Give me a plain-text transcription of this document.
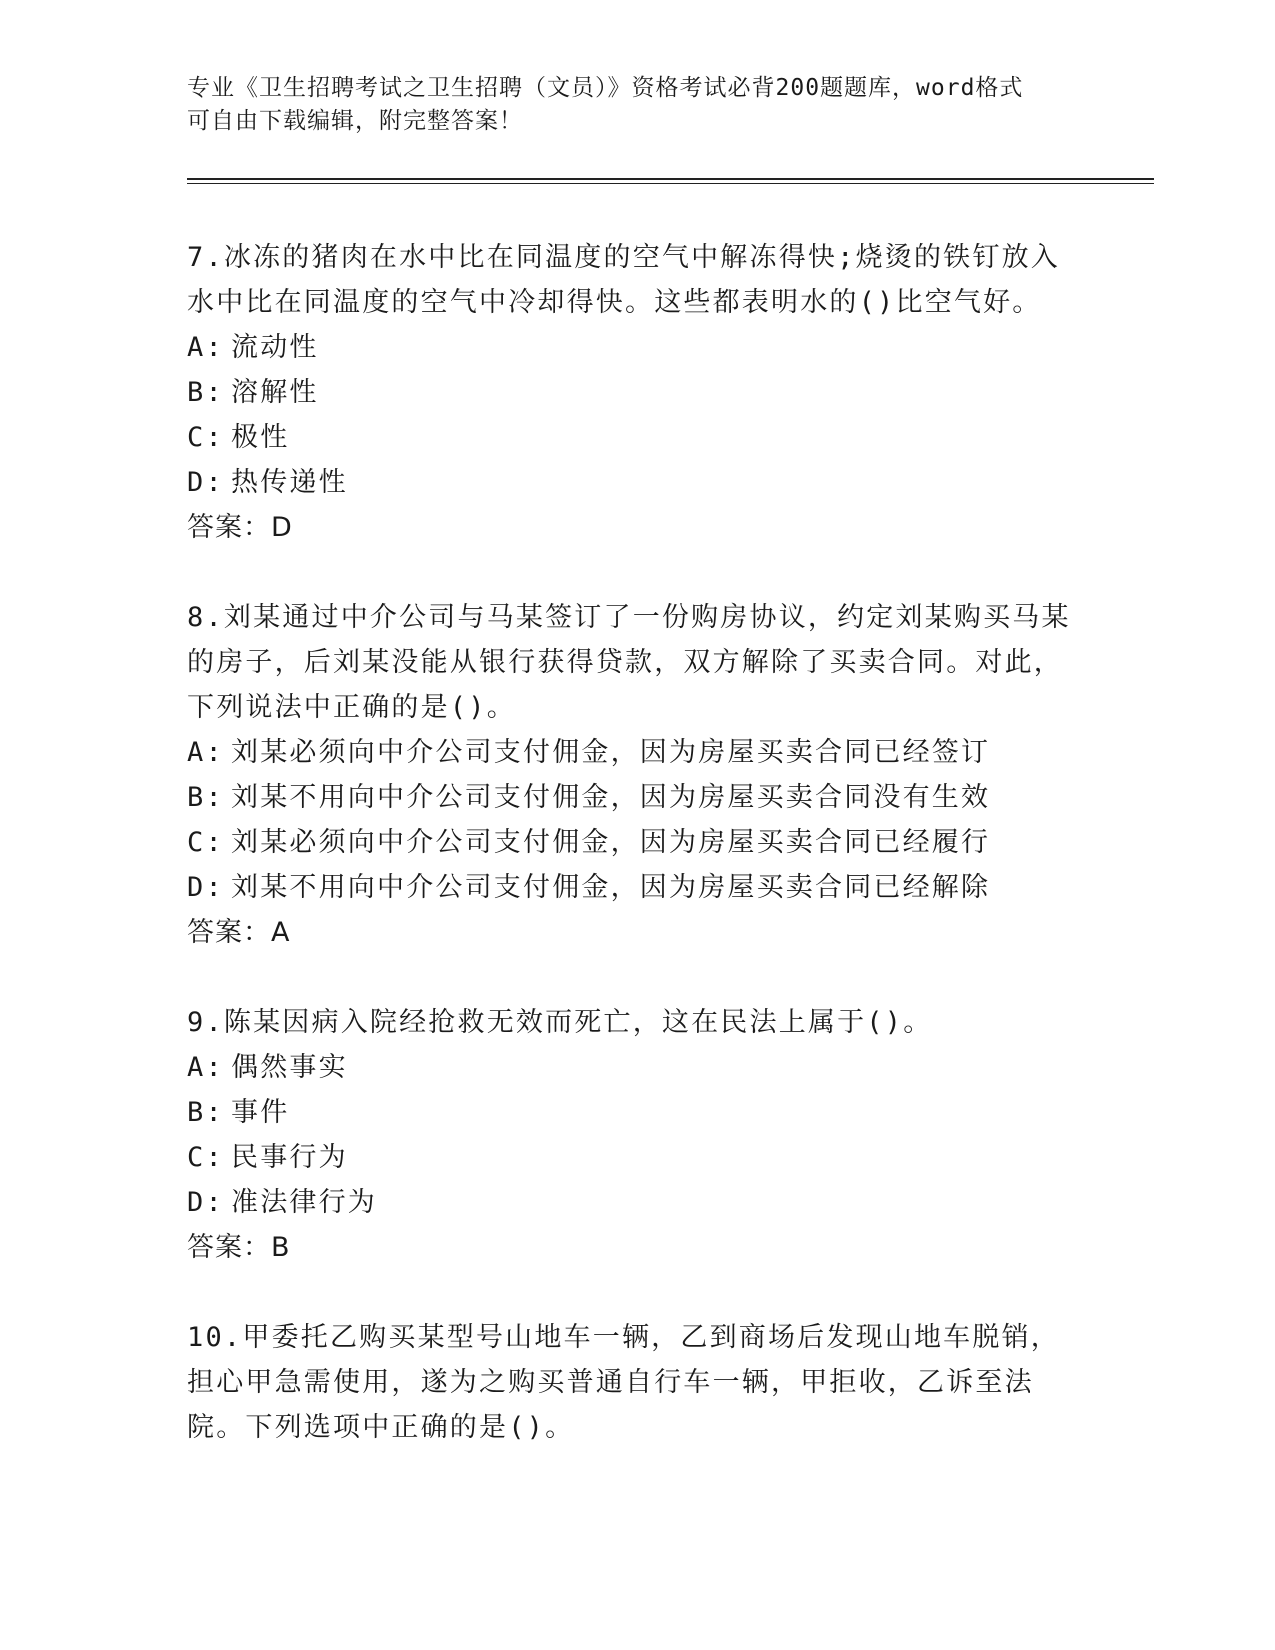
专业《卫生招聘考试之卫生招聘（文员）》资格考试必背200题题库，word格式
可自由下载编辑，附完整答案！
7.冰冻的猪肉在水中比在同温度的空气中解冻得快;烧烫的铁钉放入水中比在同温度的空气中冷却得快。这些都表明水的()比空气好。
A: 流动性
B: 溶解性
C: 极性
D: 热传递性
答案：D
8.刘某通过中介公司与马某签订了一份购房协议，约定刘某购买马某的房子，后刘某没能从银行获得贷款，双方解除了买卖合同。对此，下列说法中正确的是()。
A: 刘某必须向中介公司支付佣金，因为房屋买卖合同已经签订
B: 刘某不用向中介公司支付佣金，因为房屋买卖合同没有生效
C: 刘某必须向中介公司支付佣金，因为房屋买卖合同已经履行
D: 刘某不用向中介公司支付佣金，因为房屋买卖合同已经解除
答案：A
9.陈某因病入院经抢救无效而死亡，这在民法上属于()。
A: 偶然事实
B: 事件
C: 民事行为
D: 准法律行为
答案：B
10.甲委托乙购买某型号山地车一辆，乙到商场后发现山地车脱销，担心甲急需使用，遂为之购买普通自行车一辆，甲拒收，乙诉至法院。下列选项中正确的是()。
